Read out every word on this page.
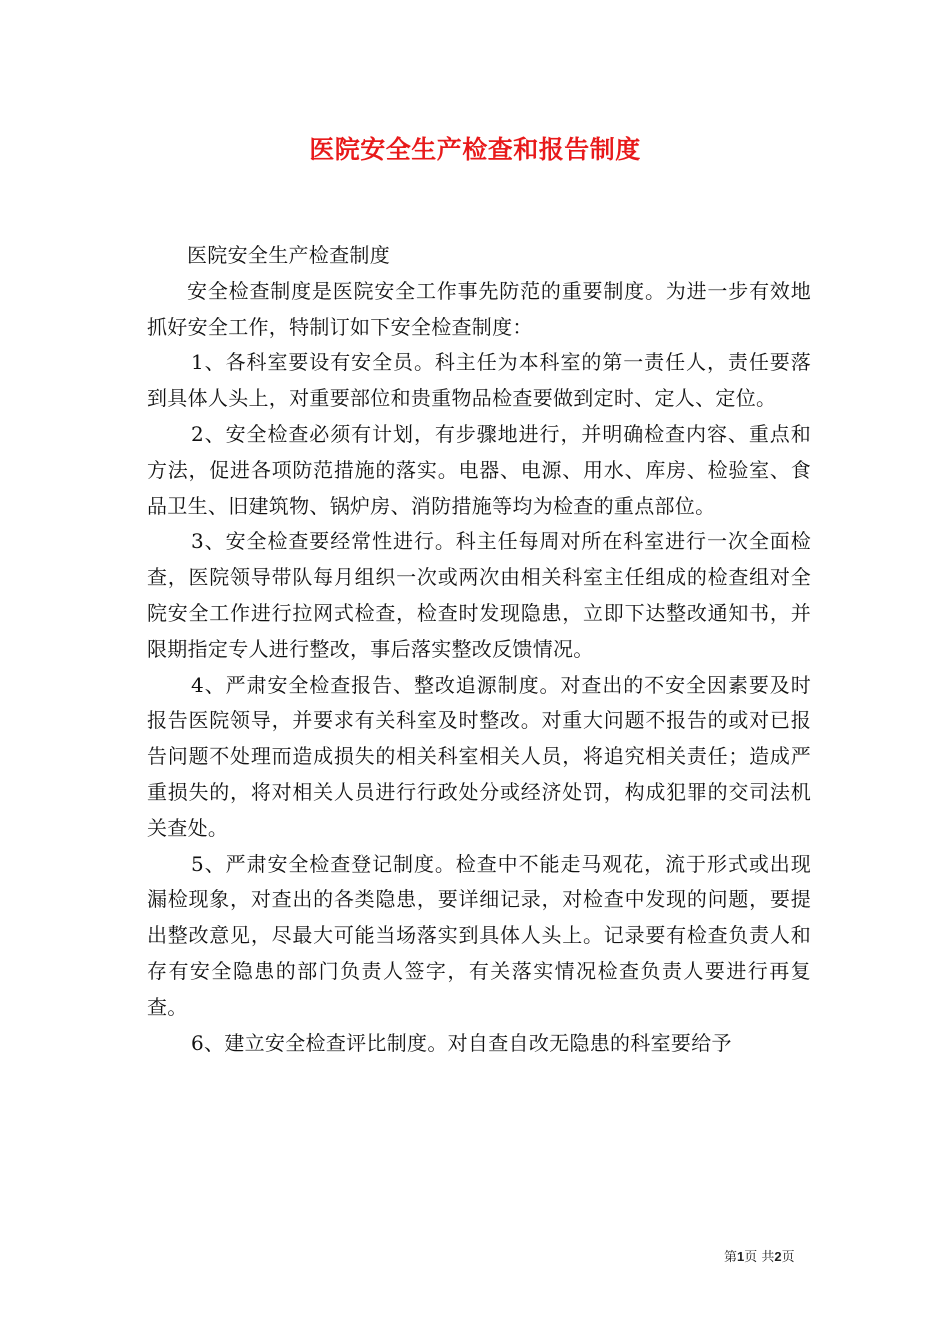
医院安全生产检查和报告制度

医院安全生产检查制度

安全检查制度是医院安全工作事先防范的重要制度。为进一步有效地抓好安全工作，特制订如下安全检查制度：

1、各科室要设有安全员。科主任为本科室的第一责任人，责任要落到具体人头上，对重要部位和贵重物品检查要做到定时、定人、定位。

2、安全检查必须有计划，有步骤地进行，并明确检查内容、重点和方法，促进各项防范措施的落实。电器、电源、用水、库房、检验室、食品卫生、旧建筑物、锅炉房、消防措施等均为检查的重点部位。

3、安全检查要经常性进行。科主任每周对所在科室进行一次全面检查，医院领导带队每月组织一次或两次由相关科室主任组成的检查组对全院安全工作进行拉网式检查，检查时发现隐患，立即下达整改通知书，并限期指定专人进行整改，事后落实整改反馈情况。

4、严肃安全检查报告、整改追源制度。对查出的不安全因素要及时报告医院领导，并要求有关科室及时整改。对重大问题不报告的或对已报告问题不处理而造成损失的相关科室相关人员，将追究相关责任；造成严重损失的，将对相关人员进行行政处分或经济处罚，构成犯罪的交司法机关查处。

5、严肃安全检查登记制度。检查中不能走马观花，流于形式或出现漏检现象，对查出的各类隐患，要详细记录，对检查中发现的问题，要提出整改意见，尽最大可能当场落实到具体人头上。记录要有检查负责人和存有安全隐患的部门负责人签字，有关落实情况检查负责人要进行再复查。

6、建立安全检查评比制度。对自查自改无隐患的科室要给予

第1页 共2页
